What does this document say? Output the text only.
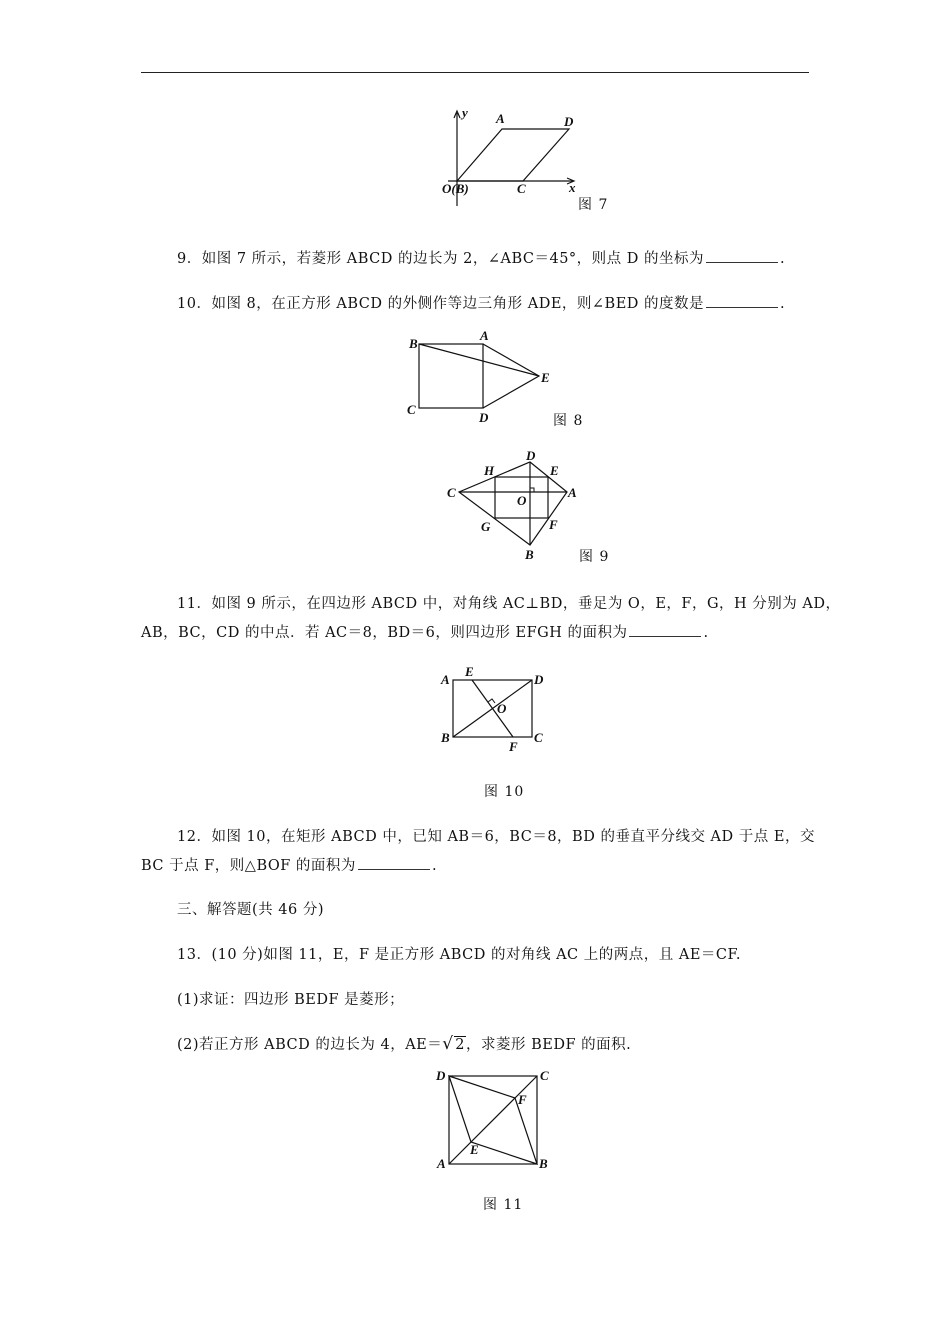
y
x
A	D
C
O(B)
图 7
9．如图 7 所示，若菱形 ABCD 的边长为 2，∠ABC＝45°，则点 D 的坐标为	.
10．如图 8，在正方形 ABCD 的外侧作等边三角形 ADE，则∠BED 的度数是	.
B
A
E
C
D	图 8
D
H	E
C
O
A
G	F
B	图 9
11．如图 9 所示，在四边形 ABCD 中，对角线 AC⊥BD，垂足为 O，E，F，G，H 分别为 AD，
AB，BC，CD 的中点．若 AC＝8，BD＝6，则四边形 EFGH 的面积为	.
A
E
D
O
B
F
C
图 10
12．如图 10，在矩形 ABCD 中，已知 AB＝6，BC＝8，BD 的垂直平分线交 AD 于点 E，交
BC 于点 F，则△BOF 的面积为	.
三、解答题(共 46 分)
13．(10 分)如图 11，E，F 是正方形 ABCD 的对角线 AC 上的两点，且 AE＝CF.
(1)求证：四边形 BEDF 是菱形；
(2)若正方形 ABCD 的边长为 4，AE＝√ 2，求菱形 BEDF 的面积.
D	C
F
E
A	B
图 11
